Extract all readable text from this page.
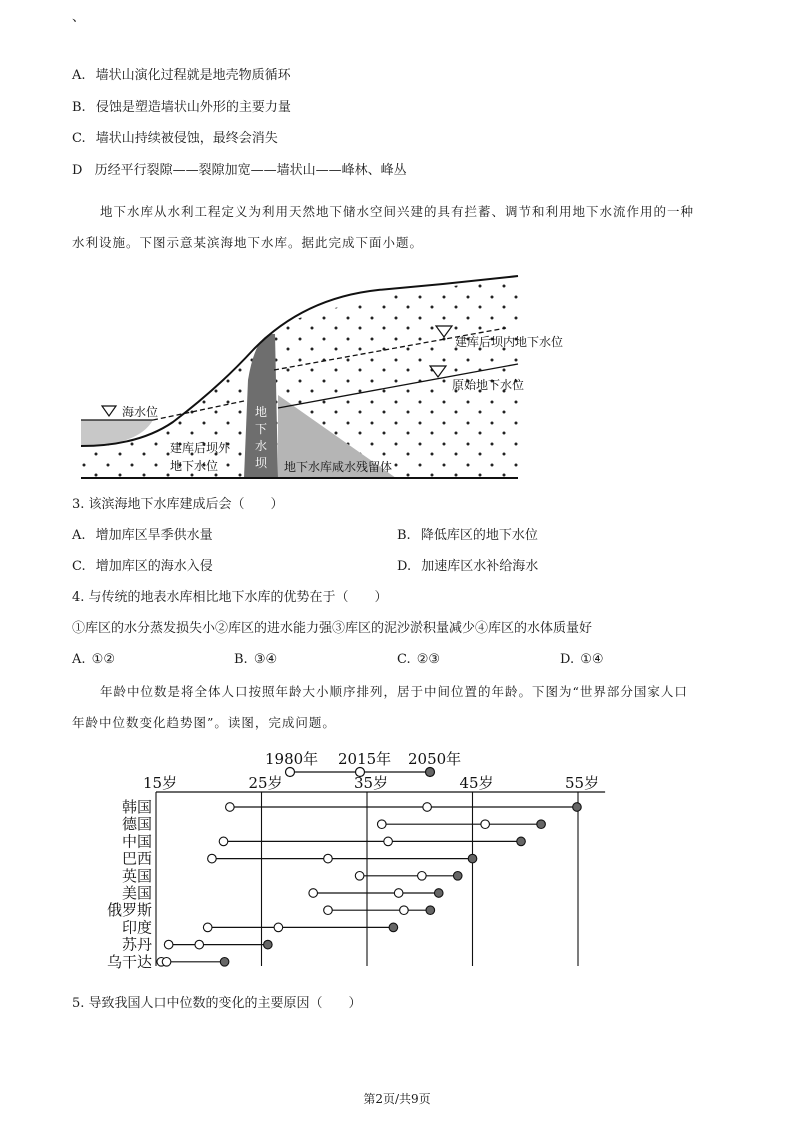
、
A. 墙状山演化过程就是地壳物质循环
B. 侵蚀是塑造墙状山外形的主要力量
C. 墙状山持续被侵蚀，最终会消失
D 历经平行裂隙——裂隙加宽——墙状山——峰林、峰丛
地下水库从水利工程定义为利用天然地下储水空间兴建的具有拦蓄、调节和利用地下水流作用的一种
水利设施。下图示意某滨海地下水库。据此完成下面小题。
海水位
建库后坝内地下水位
原始地下水位
建库后坝外
地下水位	地下水库咸水残留体
地
下
水
坝
3. 该滨海地下水库建成后会（　　）
A. 增加库区旱季供水量	B. 降低库区的地下水位
C. 增加库区的海水入侵	D. 加速库区水补给海水
4. 与传统的地表水库相比地下水库的优势在于（　　）
①库区的水分蒸发损失小②库区的进水能力强③库区的泥沙淤积量减少④库区的水体质量好
A. ①②	B. ③④	C. ②③	D. ①④
年龄中位数是将全体人口按照年龄大小顺序排列，居于中间位置的年龄。下图为“世界部分国家人口
年龄中位数变化趋势图”。读图，完成问题。
1980年 2015年 2050年
15岁	25岁	35岁	45岁	55岁
韩国
德国
中国
巴西
英国
美国
俄罗斯
印度
苏丹
乌干达
5. 导致我国人口中位数的变化的主要原因（　　）
第2页/共9页
